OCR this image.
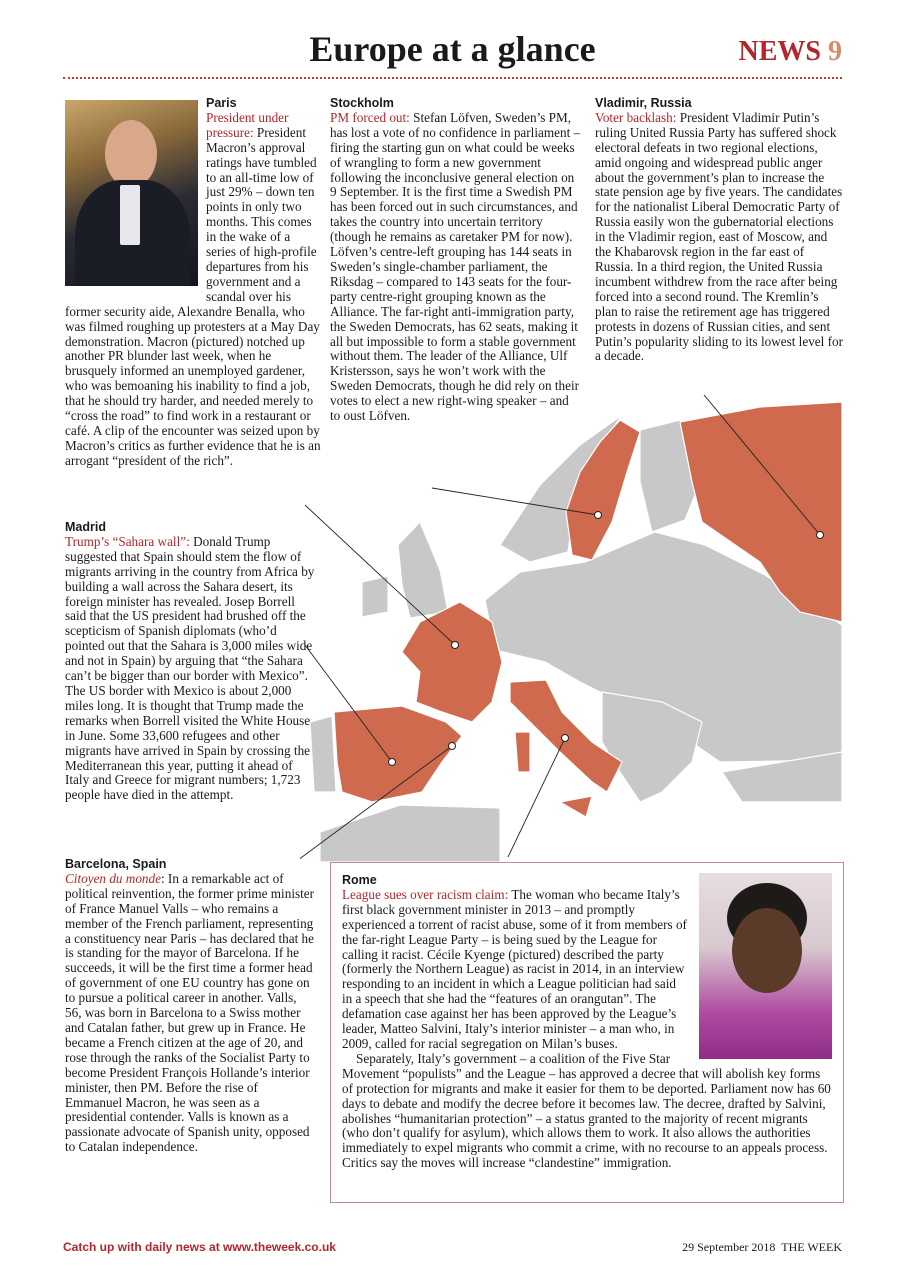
Europe at a glance	NEWS 9
Paris

President under pressure: President Macron’s approval ratings have tumbled to an all-time low of just 29% – down ten points in only two months. This comes in the wake of a series of high-profile departures from his government and a scandal over his former security aide, Alexandre Benalla, who was filmed roughing up protesters at a May Day demonstration. Macron (pictured) notched up another PR blunder last week, when he brusquely informed an unemployed gardener, who was bemoaning his inability to find a job, that he should try harder, and needed merely to “cross the road” to find work in a restaurant or café. A clip of the encounter was seized upon by Macron’s critics as further evidence that he is an arrogant “president of the rich”.

Stockholm

PM forced out: Stefan Löfven, Sweden’s PM, has lost a vote of no confidence in parliament – firing the starting gun on what could be weeks of wrangling to form a new government following the inconclusive general election on 9 September. It is the first time a Swedish PM has been forced out in such circumstances, and takes the country into uncertain territory (though he remains as caretaker PM for now). Löfven’s centre-left grouping has 144 seats in Sweden’s single-chamber parliament, the Riksdag – compared to 143 seats for the four-party centre-right grouping known as the Alliance. The far-right anti-immigration party, the Sweden Democrats, has 62 seats, making it all but impossible to form a stable government without them. The leader of the Alliance, Ulf Kristersson, says he won’t work with the Sweden Democrats, though he did rely on their votes to elect a new right-wing speaker – and to oust Löfven.

Vladimir, Russia

Voter backlash: President Vladimir Putin’s ruling United Russia Party has suffered shock electoral defeats in two regional elections, amid ongoing and widespread public anger about the government’s plan to increase the state pension age by five years. The candidates for the nationalist Liberal Democratic Party of Russia easily won the gubernatorial elections in the Vladimir region, east of Moscow, and the Khabarovsk region in the far east of Russia. In a third region, the United Russia incumbent withdrew from the race after being forced into a second round. The Kremlin’s plan to raise the retirement age has triggered protests in dozens of Russian cities, and sent Putin’s popularity sliding to its lowest level for a decade.

Madrid

Trump’s “Sahara wall”: Donald Trump suggested that Spain should stem the flow of migrants arriving in the country from Africa by building a wall across the Sahara desert, its foreign minister has revealed. Josep Borrell said that the US president had brushed off the scepticism of Spanish diplomats (who’d pointed out that the Sahara is 3,000 miles wide and not in Spain) by arguing that “the Sahara can’t be bigger than our border with Mexico”. The US border with Mexico is about 2,000 miles long. It is thought that Trump made the remarks when Borrell visited the White House in June. Some 33,600 refugees and other migrants have arrived in Spain by crossing the Mediterranean this year, putting it ahead of Italy and Greece for migrant numbers; 1,723 people have died in the attempt.

Barcelona, Spain

Citoyen du monde: In a remarkable act of political reinvention, the former prime minister of France Manuel Valls – who remains a member of the French parliament, representing a constituency near Paris – has declared that he is standing for the mayor of Barcelona. If he succeeds, it will be the first time a former head of government of one EU country has gone on to pursue a political career in another. Valls, 56, was born in Barcelona to a Swiss mother and Catalan father, but grew up in France. He became a French citizen at the age of 20, and rose through the ranks of the Socialist Party to become President François Hollande’s interior minister, then PM. Before the rise of Emmanuel Macron, he was seen as a presidential contender. Valls is known as a passionate advocate of Spanish unity, opposed to Catalan independence.

Rome

League sues over racism claim: The woman who became Italy’s first black government minister in 2013 – and promptly experienced a torrent of racist abuse, some of it from members of the far-right League Party – is being sued by the League for calling it racist. Cécile Kyenge (pictured) described the party (formerly the Northern League) as racist in 2014, in an interview responding to an incident in which a League politician had said in a speech that she had the “features of an orangutan”. The defamation case against her has been approved by the League’s leader, Matteo Salvini, Italy’s interior minister – a man who, in 2009, called for racial segregation on Milan’s buses.

Separately, Italy’s government – a coalition of the Five Star Movement “populists” and the League – has approved a decree that will abolish key forms of protection for migrants and make it easier for them to be deported. Parliament now has 60 days to debate and modify the decree before it becomes law. The decree, drafted by Salvini, abolishes “humanitarian protection” – a status granted to the majority of recent migrants (who don’t qualify for asylum), which allows them to work. It also allows the authorities immediately to expel migrants who commit a crime, with no recourse to an appeals process. Critics say the moves will increase “clandestine” immigration.

Catch up with daily news at www.theweek.co.uk	29 September 2018 THE WEEK
